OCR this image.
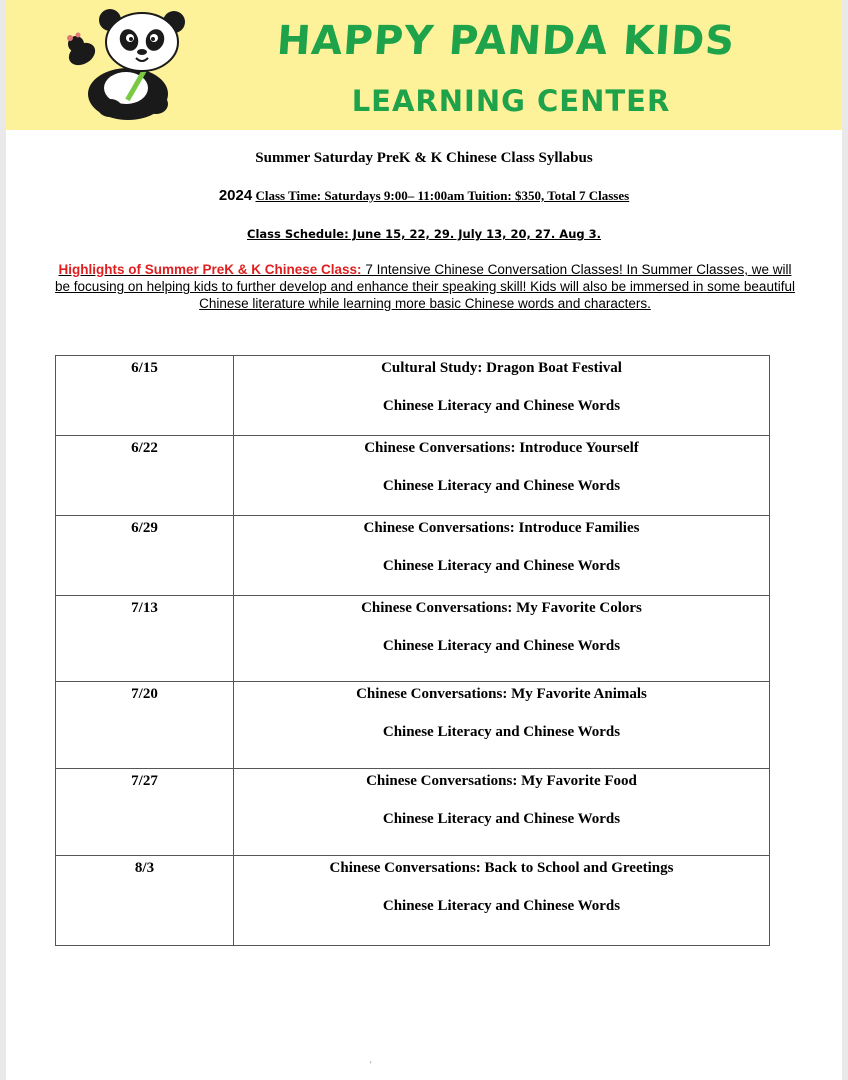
HAPPY PANDA KIDS
LEARNING CENTER
Summer Saturday PreK & K Chinese Class Syllabus
2024 Class Time: Saturdays 9:00– 11:00am Tuition: $350, Total 7 Classes
Class Schedule: June 15, 22, 29. July 13, 20, 27. Aug 3.
Highlights of Summer PreK & K Chinese Class: 7 Intensive Chinese Conversation Classes! In Summer Classes, we will be focusing on helping kids to further develop and enhance their speaking skill! Kids will also be immersed in some beautiful Chinese literature while learning more basic Chinese words and characters.
6/15	Cultural Study: Dragon Boat Festival
Chinese Literacy and Chinese Words

6/22	Chinese Conversations: Introduce Yourself
Chinese Literacy and Chinese Words

6/29	Chinese Conversations: Introduce Families
Chinese Literacy and Chinese Words

7/13	Chinese Conversations: My Favorite Colors
Chinese Literacy and Chinese Words

7/20	Chinese Conversations: My Favorite Animals
Chinese Literacy and Chinese Words

7/27	Chinese Conversations: My Favorite Food
Chinese Literacy and Chinese Words

8/3	Chinese Conversations: Back to School and Greetings
Chinese Literacy and Chinese Words
'
